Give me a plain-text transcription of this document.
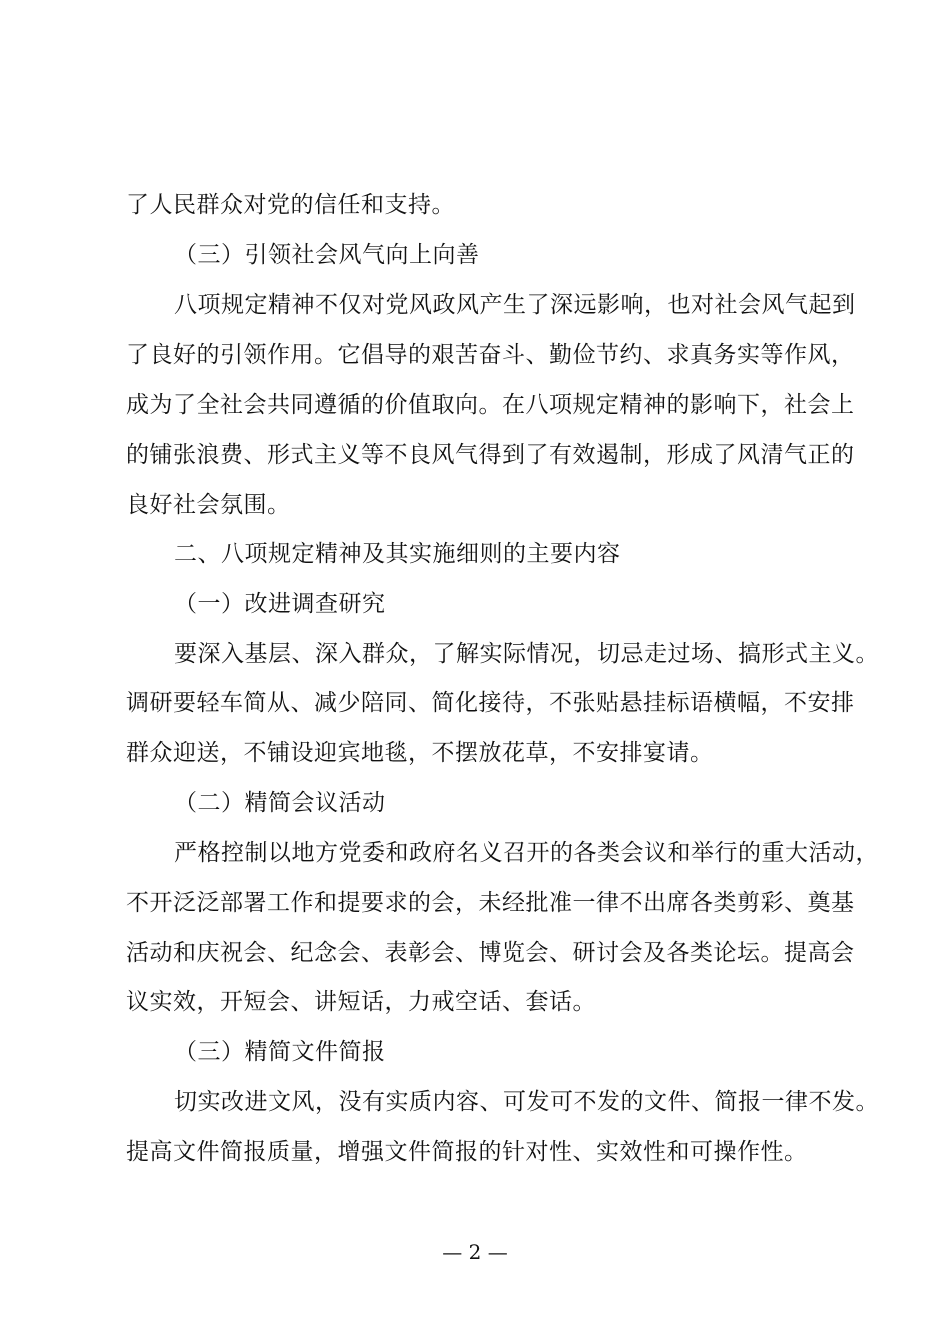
了人民群众对党的信任和支持。
（三）引领社会风气向上向善
八项规定精神不仅对党风政风产生了深远影响，也对社会风气起到
了良好的引领作用。它倡导的艰苦奋斗、勤俭节约、求真务实等作风，
成为了全社会共同遵循的价值取向。在八项规定精神的影响下，社会上
的铺张浪费、形式主义等不良风气得到了有效遏制，形成了风清气正的
良好社会氛围。
二、八项规定精神及其实施细则的主要内容
（一）改进调查研究
要深入基层、深入群众，了解实际情况，切忌走过场、搞形式主义。
调研要轻车简从、减少陪同、简化接待，不张贴悬挂标语横幅，不安排
群众迎送，不铺设迎宾地毯，不摆放花草，不安排宴请。
（二）精简会议活动
严格控制以地方党委和政府名义召开的各类会议和举行的重大活动，
不开泛泛部署工作和提要求的会，未经批准一律不出席各类剪彩、奠基
活动和庆祝会、纪念会、表彰会、博览会、研讨会及各类论坛。提高会
议实效，开短会、讲短话，力戒空话、套话。
（三）精简文件简报
切实改进文风，没有实质内容、可发可不发的文件、简报一律不发。
提高文件简报质量，增强文件简报的针对性、实效性和可操作性。
— 2 —
